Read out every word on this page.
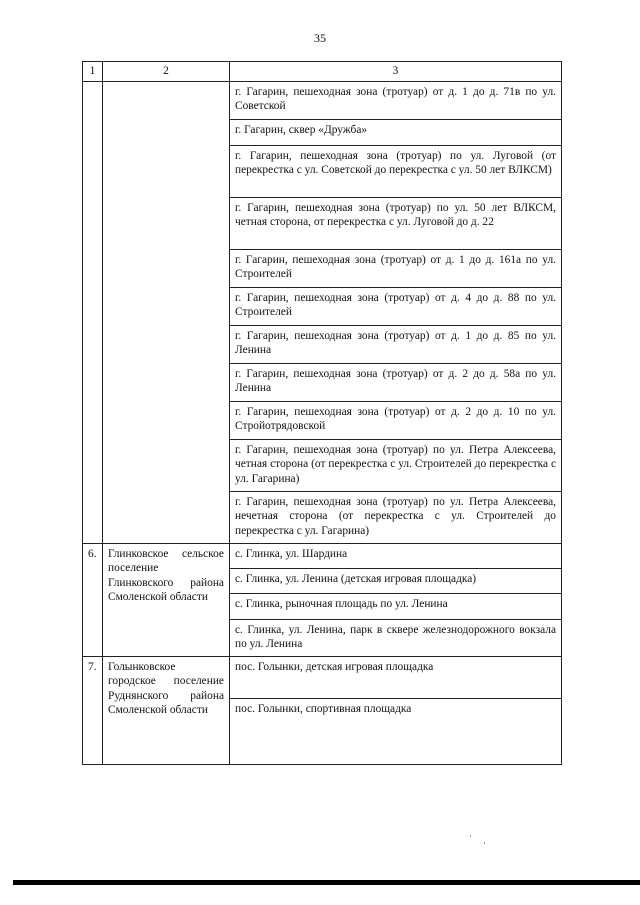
35
1	2	3
		г. Гагарин, пешеходная зона (тротуар) от д. 1 до д. 71в по ул. Советской
		г. Гагарин, сквер «Дружба»
		г. Гагарин, пешеходная зона (тротуар) по ул. Луговой (от перекрестка с ул. Советской до перекрестка с ул. 50 лет ВЛКСМ)
		г. Гагарин, пешеходная зона (тротуар) по ул. 50 лет ВЛКСМ, четная сторона, от перекрестка с ул. Луговой до д. 22
		г. Гагарин, пешеходная зона (тротуар) от д. 1 до д. 161а по ул. Строителей
		г. Гагарин, пешеходная зона (тротуар) от д. 4 до д. 88 по ул. Строителей
		г. Гагарин, пешеходная зона (тротуар) от д. 1 до д. 85 по ул. Ленина
		г. Гагарин, пешеходная зона (тротуар) от д. 2 до д. 58а по ул. Ленина
		г. Гагарин, пешеходная зона (тротуар) от д. 2 до д. 10 по ул. Стройотрядовской
		г. Гагарин, пешеходная зона (тротуар) по ул. Петра Алексеева, четная сторона (от перекрестка с ул. Строителей до перекрестка с ул. Гагарина)
		г. Гагарин, пешеходная зона (тротуар) по ул. Петра Алексеева, нечетная сторона (от перекрестка с ул. Строителей до перекрестка с ул. Гагарина)
6.	Глинковское сельское поселение Глинковского района Смоленской области	с. Глинка, ул. Шардина
		с. Глинка, ул. Ленина (детская игровая площадка)
		с. Глинка, рыночная площадь по ул. Ленина
		с. Глинка, ул. Ленина, парк в сквере железнодорожного вокзала по ул. Ленина
7.	Голынковское городское поселение Руднянского района Смоленской области	пос. Голынки, детская игровая площадка
		пос. Голынки, спортивная площадка
